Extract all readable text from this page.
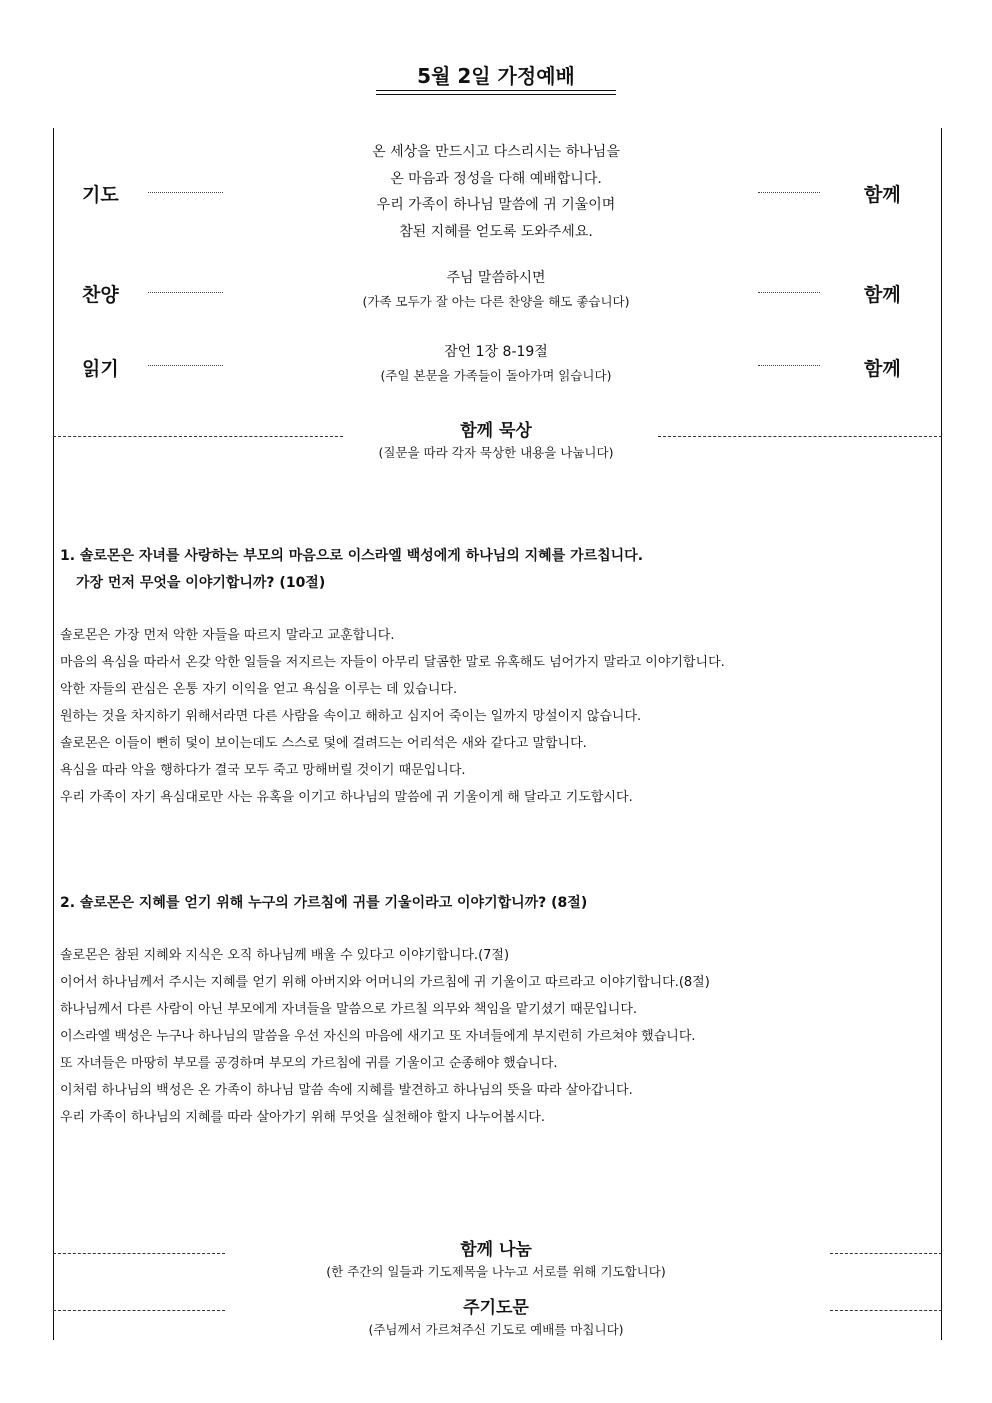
5월 2일 가정예배
기도
온 세상을 만드시고 다스리시는 하나님을
온 마음과 정성을 다해 예배합니다.
우리 가족이 하나님 말씀에 귀 기울이며
참된 지혜를 얻도록 도와주세요.
함께
찬양
주님 말씀하시면
(가족 모두가 잘 아는 다른 찬양을 해도 좋습니다)	함께
읽기
잠언 1장 8-19절
(주일 본문을 가족들이 돌아가며 읽습니다)	함께
함께 묵상
(질문을 따라 각자 묵상한 내용을 나눕니다)
1. 솔로몬은 자녀를 사랑하는 부모의 마음으로 이스라엘 백성에게 하나님의 지혜를 가르칩니다.
가장 먼저 무엇을 이야기합니까? (10절)
솔로몬은 가장 먼저 악한 자들을 따르지 말라고 교훈합니다.
마음의 욕심을 따라서 온갖 악한 일들을 저지르는 자들이 아무리 달콤한 말로 유혹해도 넘어가지 말라고 이야기합니다.
악한 자들의 관심은 온통 자기 이익을 얻고 욕심을 이루는 데 있습니다.
원하는 것을 차지하기 위해서라면 다른 사람을 속이고 해하고 심지어 죽이는 일까지 망설이지 않습니다.
솔로몬은 이들이 뻔히 덫이 보이는데도 스스로 덫에 걸려드는 어리석은 새와 같다고 말합니다.
욕심을 따라 악을 행하다가 결국 모두 죽고 망해버릴 것이기 때문입니다.
우리 가족이 자기 욕심대로만 사는 유혹을 이기고 하나님의 말씀에 귀 기울이게 해 달라고 기도합시다.
2. 솔로몬은 지혜를 얻기 위해 누구의 가르침에 귀를 기울이라고 이야기합니까? (8절)
솔로몬은 참된 지혜와 지식은 오직 하나님께 배울 수 있다고 이야기합니다.(7절)
이어서 하나님께서 주시는 지혜를 얻기 위해 아버지와 어머니의 가르침에 귀 기울이고 따르라고 이야기합니다.(8절)
하나님께서 다른 사람이 아닌 부모에게 자녀들을 말씀으로 가르칠 의무와 책임을 맡기셨기 때문입니다.
이스라엘 백성은 누구나 하나님의 말씀을 우선 자신의 마음에 새기고 또 자녀들에게 부지런히 가르쳐야 했습니다.
또 자녀들은 마땅히 부모를 공경하며 부모의 가르침에 귀를 기울이고 순종해야 했습니다.
이처럼 하나님의 백성은 온 가족이 하나님 말씀 속에 지혜를 발견하고 하나님의 뜻을 따라 살아갑니다.
우리 가족이 하나님의 지혜를 따라 살아가기 위해 무엇을 실천해야 할지 나누어봅시다.
함께 나눔
(한 주간의 일들과 기도제목을 나누고 서로를 위해 기도합니다)
주기도문
(주님께서 가르쳐주신 기도로 예배를 마칩니다)
